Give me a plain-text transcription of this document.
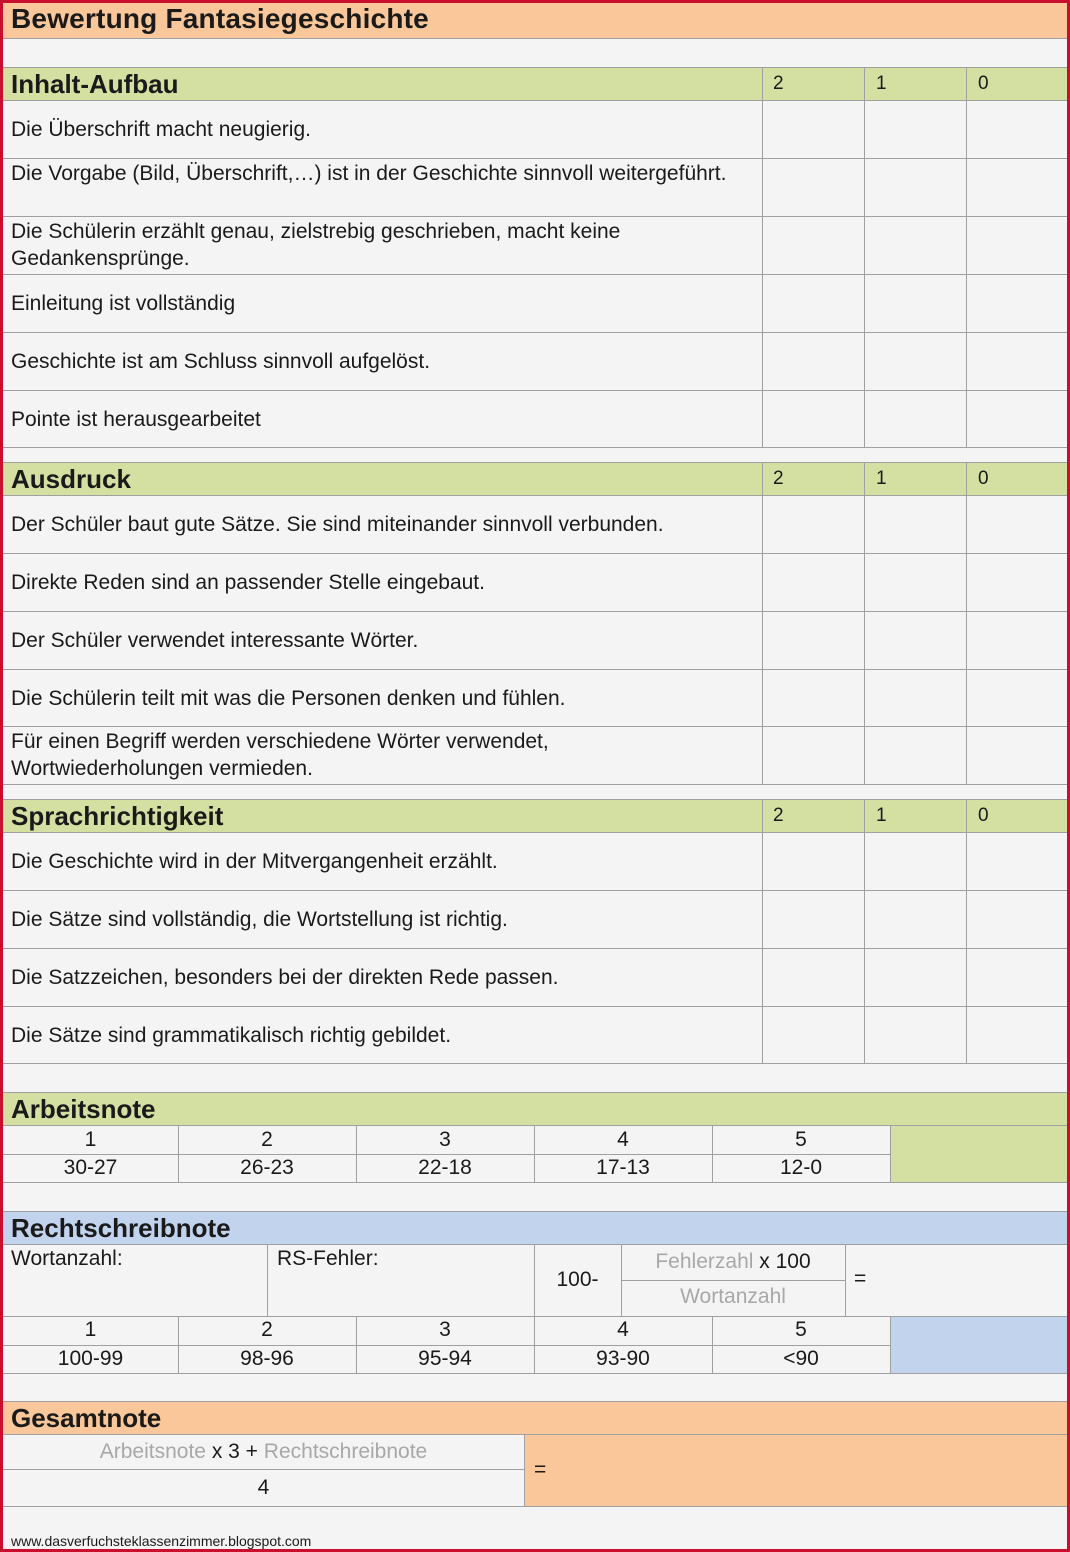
Bewertung Fantasiegeschichte
Inhalt-Aufbau	2	1	0
Die Überschrift macht neugierig.
Die Vorgabe (Bild, Überschrift,…) ist in der Geschichte sinnvoll weitergeführt.
Die Schülerin erzählt genau, zielstrebig geschrieben, macht keine Gedankensprünge.
Einleitung ist vollständig
Geschichte ist am Schluss sinnvoll aufgelöst.
Pointe ist herausgearbeitet
Ausdruck	2	1	0
Der Schüler baut gute Sätze. Sie sind miteinander sinnvoll verbunden.
Direkte Reden sind an passender Stelle eingebaut.
Der Schüler verwendet interessante Wörter.
Die Schülerin teilt mit was die Personen denken und fühlen.
Für einen Begriff werden verschiedene Wörter verwendet, Wortwiederholungen vermieden.
Sprachrichtigkeit	2	1	0
Die Geschichte wird in der Mitvergangenheit erzählt.
Die Sätze sind vollständig, die Wortstellung ist richtig.
Die Satzzeichen, besonders bei der direkten Rede passen.
Die Sätze sind grammatikalisch richtig gebildet.
Arbeitsnote
1	2	3	4	5
30-27	26-23	22-18	17-13	12-0
Rechtschreibnote
Wortanzahl:	RS-Fehler:
100-
Fehlerzahl x 100
Wortanzahl
=
1	2	3	4	5
100-99	98-96	95-94	93-90	<90
Gesamtnote
Arbeitsnote x 3 + Rechtschreibnote
4
=
www.dasverfuchsteklassenzimmer.blogspot.com
